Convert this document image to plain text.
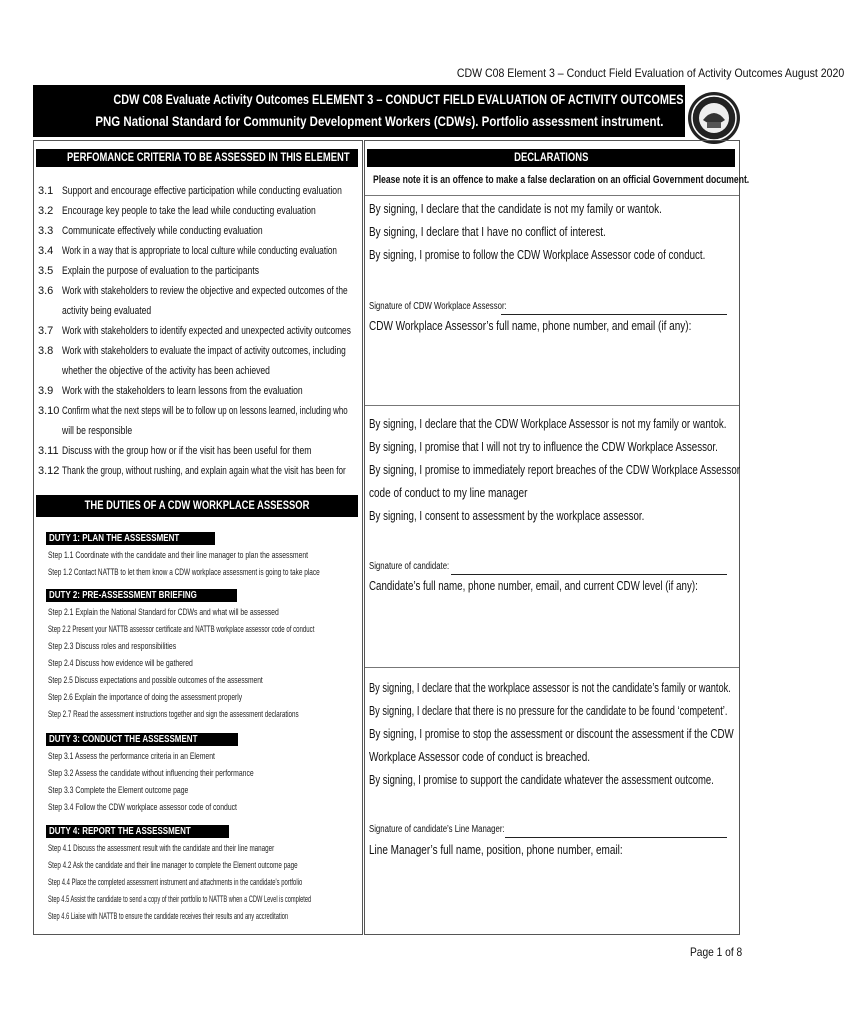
CDW C08 Element 3 – Conduct Field Evaluation of Activity Outcomes August 2020
CDW C08 Evaluate Activity Outcomes ELEMENT 3 – CONDUCT FIELD EVALUATION OF ACTIVITY OUTCOMES
PNG National Standard for Community Development Workers (CDWs). Portfolio assessment instrument.
PERFOMANCE CRITERIA TO BE ASSESSED IN THIS ELEMENT
3.1 Support and encourage effective participation while conducting evaluation
3.2 Encourage key people to take the lead while conducting evaluation
3.3 Communicate effectively while conducting evaluation
3.4 Work in a way that is appropriate to local culture while conducting evaluation
3.5 Explain the purpose of evaluation to the participants
3.6 Work with stakeholders to review the objective and expected outcomes of the
activity being evaluated
3.7 Work with stakeholders to identify expected and unexpected activity outcomes
3.8 Work with stakeholders to evaluate the impact of activity outcomes, including
whether the objective of the activity has been achieved
3.9 Work with the stakeholders to learn lessons from the evaluation
3.10 Confirm what the next steps will be to follow up on lessons learned, including who
will be responsible
3.11 Discuss with the group how or if the visit has been useful for them
3.12 Thank the group, without rushing, and explain again what the visit has been for
THE DUTIES OF A CDW WORKPLACE ASSESSOR
DUTY 1: PLAN THE ASSESSMENT
Step 1.1 Coordinate with the candidate and their line manager to plan the assessment
Step 1.2 Contact NATTB to let them know a CDW workplace assessment is going to take place
DUTY 2: PRE-ASSESSMENT BRIEFING
Step 2.1 Explain the National Standard for CDWs and what will be assessed
Step 2.2 Present your NATTB assessor certificate and NATTB workplace assessor code of conduct
Step 2.3 Discuss roles and responsibilities
Step 2.4 Discuss how evidence will be gathered
Step 2.5 Discuss expectations and possible outcomes of the assessment
Step 2.6 Explain the importance of doing the assessment properly
Step 2.7 Read the assessment instructions together and sign the assessment declarations
DUTY 3: CONDUCT THE ASSESSMENT
Step 3.1 Assess the performance criteria in an Element
Step 3.2 Assess the candidate without influencing their performance
Step 3.3 Complete the Element outcome page
Step 3.4 Follow the CDW workplace assessor code of conduct
DUTY 4: REPORT THE ASSESSMENT
Step 4.1 Discuss the assessment result with the candidate and their line manager
Step 4.2 Ask the candidate and their line manager to complete the Element outcome page
Step 4.4 Place the completed assessment instrument and attachments in the candidate's portfolio
Step 4.5 Assist the candidate to send a copy of their portfolio to NATTB when a CDW Level is completed
Step 4.6 Liaise with NATTB to ensure the candidate receives their results and any accreditation
DECLARATIONS
Please note it is an offence to make a false declaration on an official Government document.
By signing, I declare that the candidate is not my family or wantok.
By signing, I declare that I have no conflict of interest.
By signing, I promise to follow the CDW Workplace Assessor code of conduct.
Signature of CDW Workplace Assessor:
CDW Workplace Assessor’s full name, phone number, and email (if any):
By signing, I declare that the CDW Workplace Assessor is not my family or wantok.
By signing, I promise that I will not try to influence the CDW Workplace Assessor.
By signing, I promise to immediately report breaches of the CDW Workplace Assessor
code of conduct to my line manager
By signing, I consent to assessment by the workplace assessor.
Signature of candidate:
Candidate’s full name, phone number, email, and current CDW level (if any):
By signing, I declare that the workplace assessor is not the candidate’s family or wantok.
By signing, I declare that there is no pressure for the candidate to be found ‘competent’.
By signing, I promise to stop the assessment or discount the assessment if the CDW
Workplace Assessor code of conduct is breached.
By signing, I promise to support the candidate whatever the assessment outcome.
Signature of candidate’s Line Manager:
Line Manager’s full name, position, phone number, email:
Page 1 of 8
